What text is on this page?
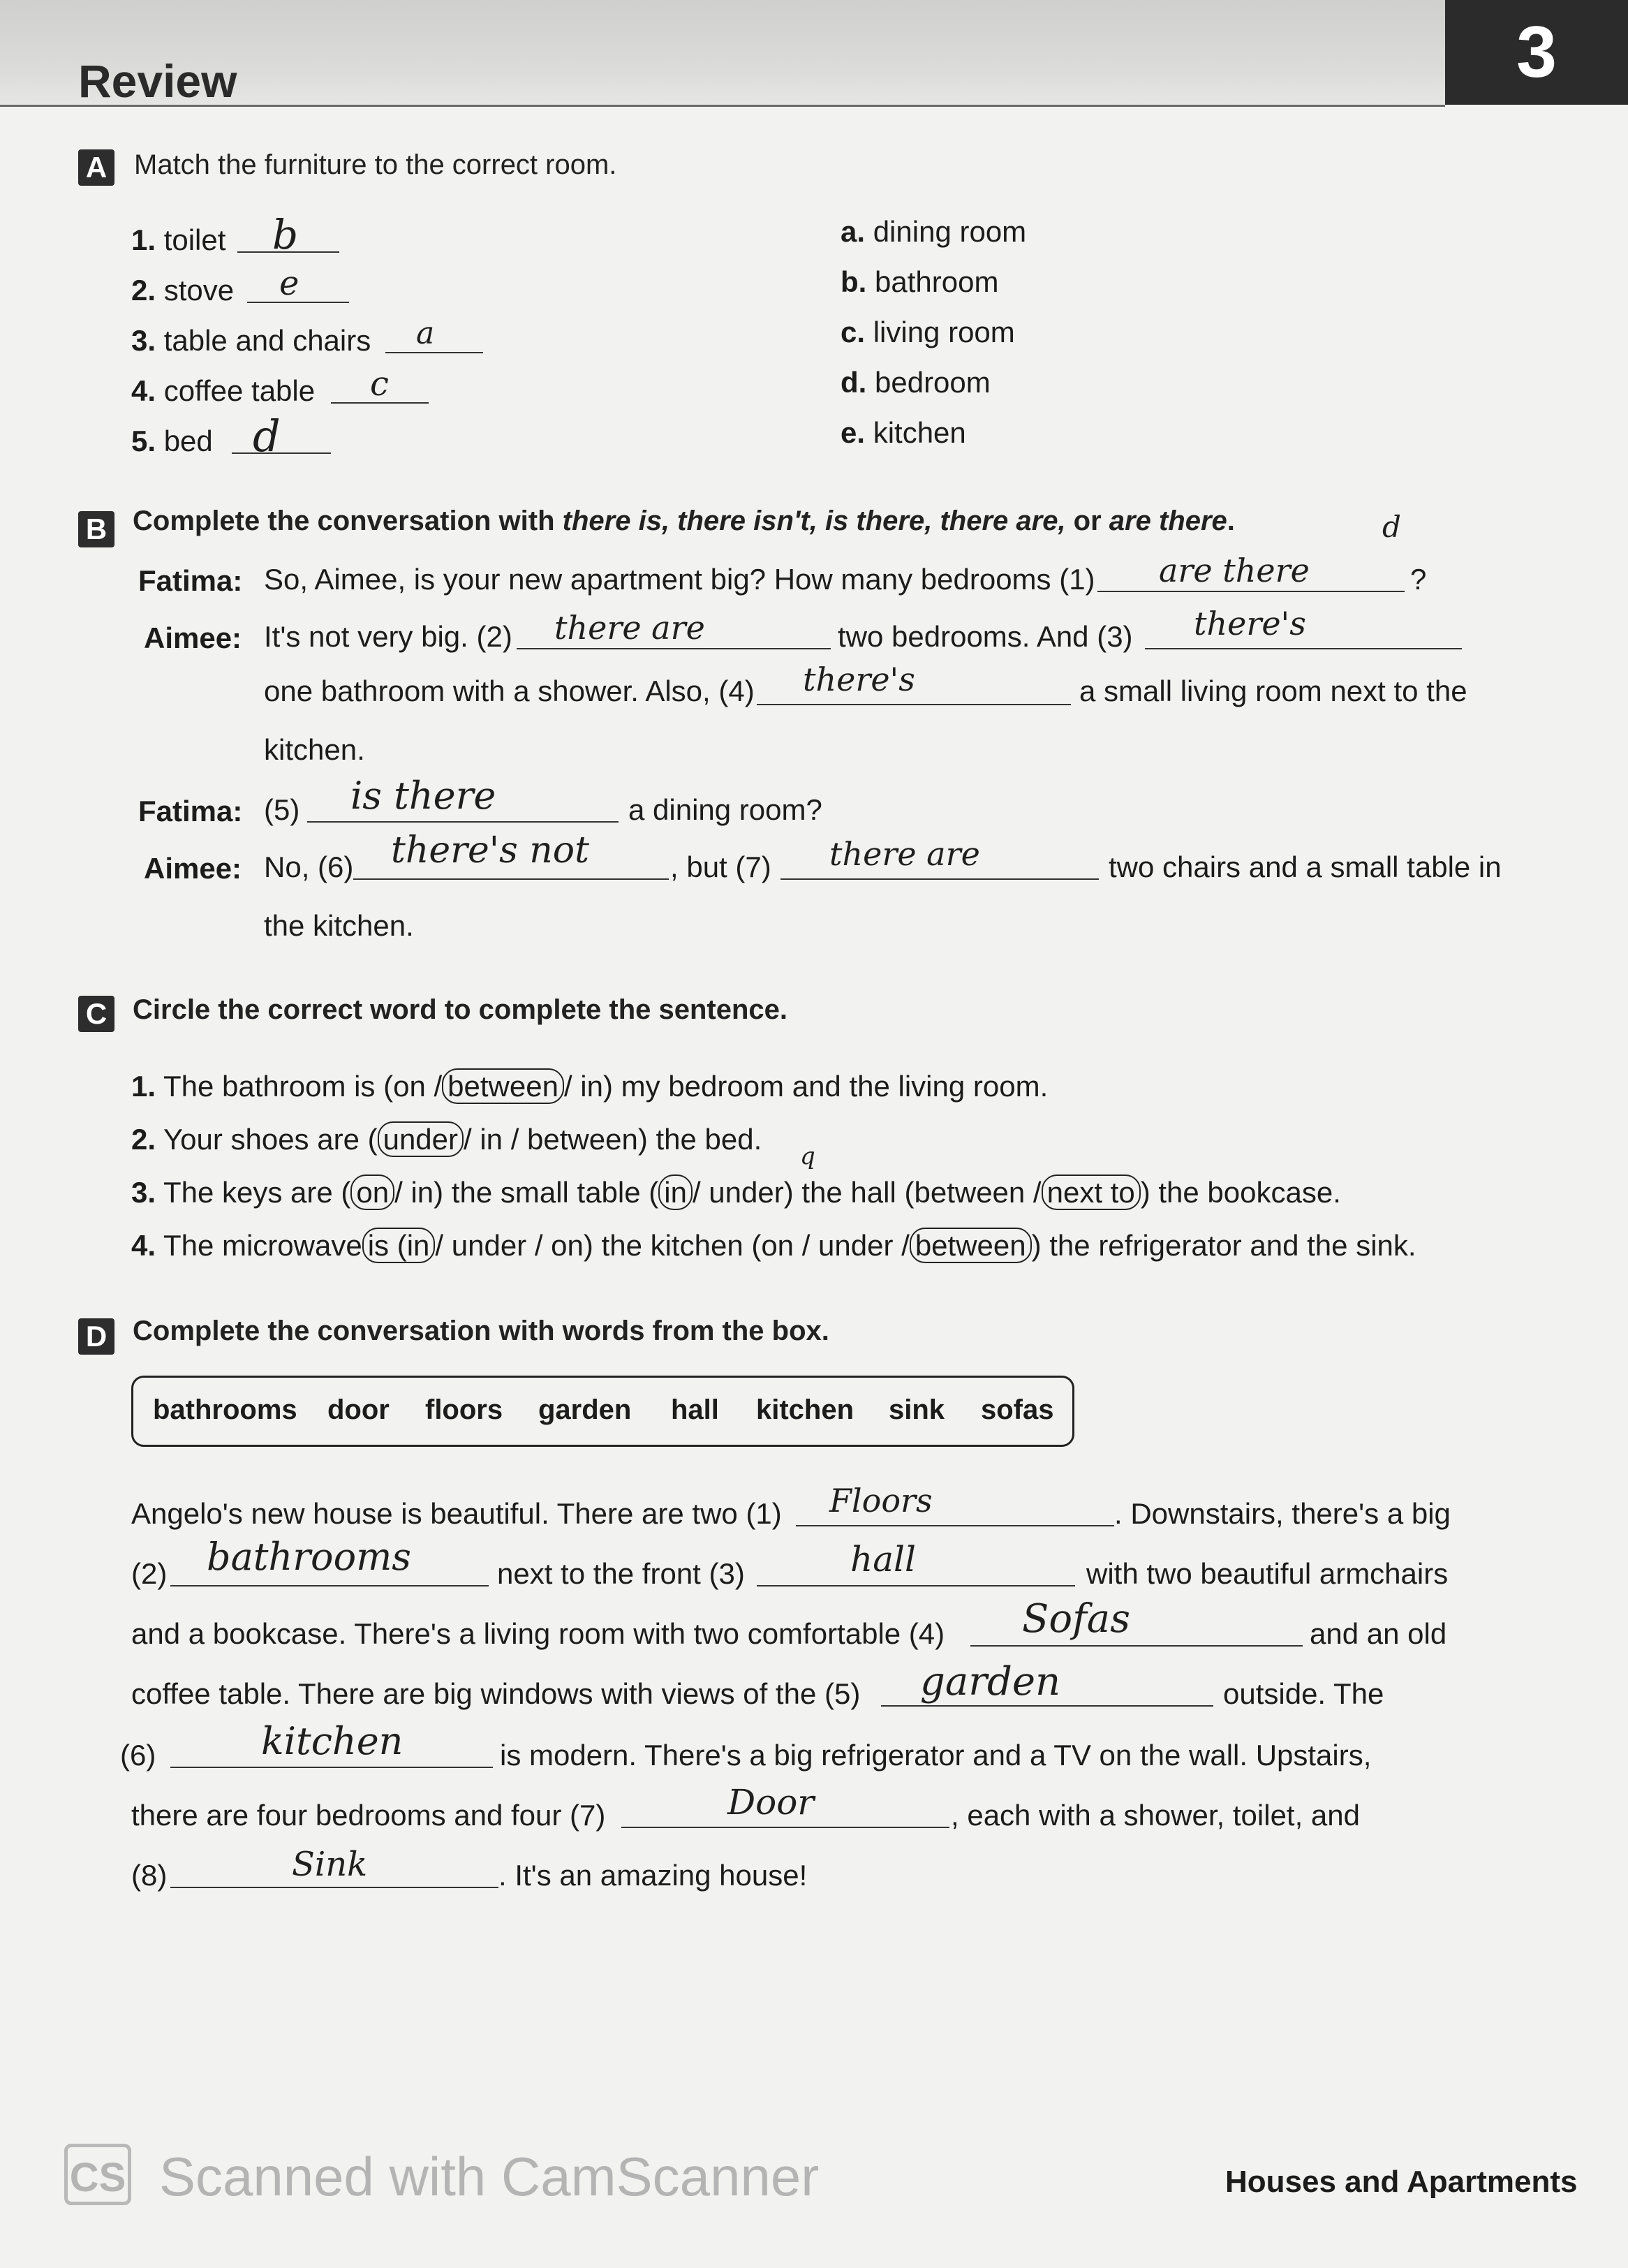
Review	3
A Match the furniture to the correct room.
1. toilet b
2. stove e
3. table and chairs a
4. coffee table c
5. bed d
a. dining room
b. bathroom
c. living room
d. bedroom
e. kitchen
B Complete the conversation with there is, there isn't, is there, there are, or are there.	d
Fatima: So, Aimee, is your new apartment big? How many bedrooms (1) are there	?
Aimee: It's not very big. (2) there are	two bedrooms. And (3) there's
one bathroom with a shower. Also, (4) there's	a small living room next to the
kitchen.
Fatima: (5) is there	a dining room?
Aimee: No, (6) there's not	, but (7) there are	two chairs and a small table in
the kitchen.
C Circle the correct word to complete the sentence.
1. The bathroom is (on / between / in) my bedroom and the living room.
2. Your shoes are ( under / in / between) the bed.
q
3. The keys are ( on / in) the small table ( in / under) the hall (between / next to ) the bookcase.
4. The microwave is (in / under / on) the kitchen (on / under / between ) the refrigerator and the sink.
D Complete the conversation with words from the box.
bathrooms door floors garden hall kitchen sink sofas
Angelo's new house is beautiful. There are two (1) Floors	. Downstairs, there's a big
(2) bathrooms	next to the front (3)	hall	with two beautiful armchairs
and a bookcase. There's a living room with two comfortable (4) Sofas	and an old
coffee table. There are big windows with views of the (5) garden	outside. The
(6)	kitchen	is modern. There's a big refrigerator and a TV on the wall. Upstairs,
there are four bedrooms and four (7)	Door	, each with a shower, toilet, and
(8)	Sink	. It's an amazing house!
CS Scanned with CamScanner	Houses and Apartments
